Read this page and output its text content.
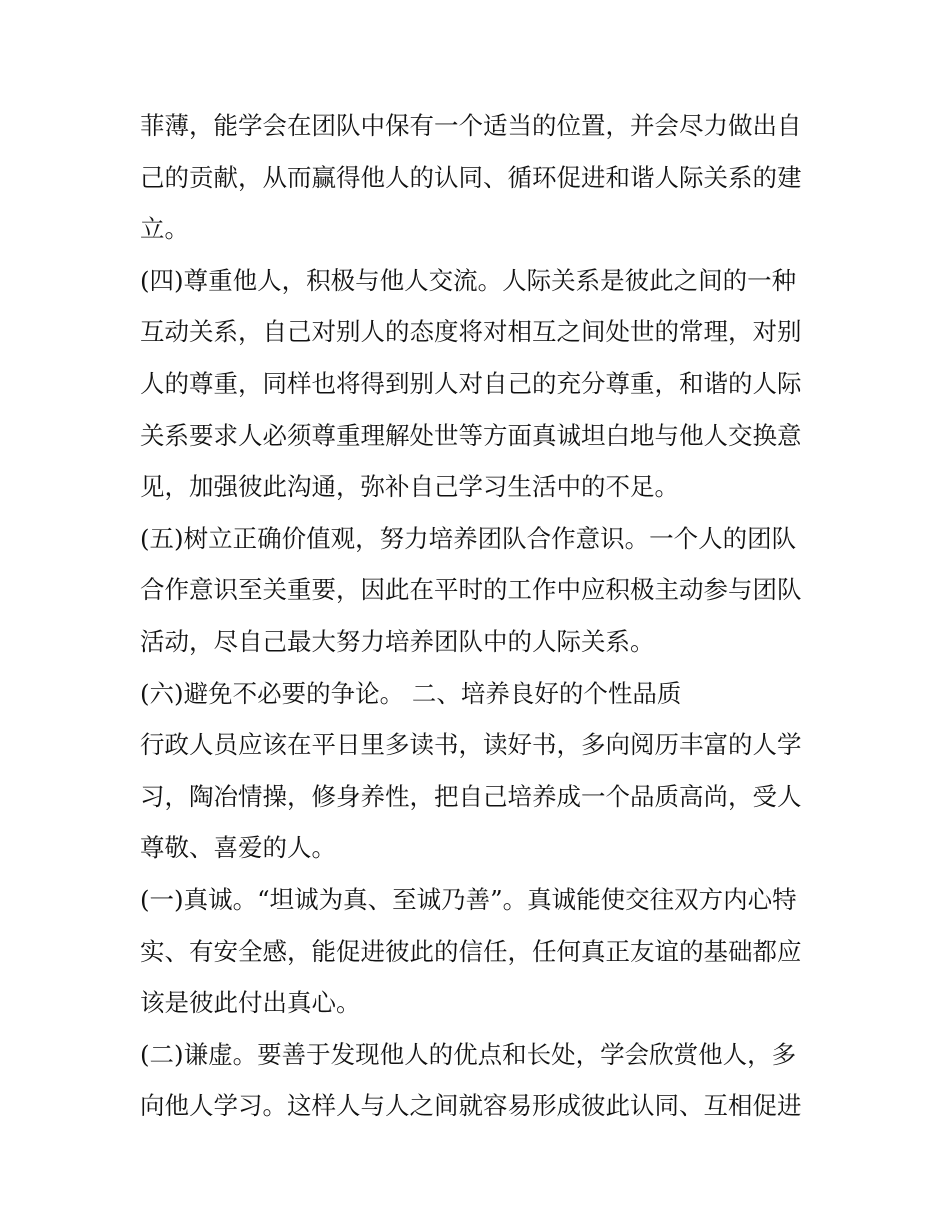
菲薄，能学会在团队中保有一个适当的位置，并会尽力做出自
己的贡献，从而赢得他人的认同、循环促进和谐人际关系的建
立。
(四)尊重他人，积极与他人交流。人际关系是彼此之间的一种
互动关系，自己对别人的态度将对相互之间处世的常理，对别
人的尊重，同样也将得到别人对自己的充分尊重，和谐的人际
关系要求人必须尊重理解处世等方面真诚坦白地与他人交换意
见，加强彼此沟通，弥补自己学习生活中的不足。
(五)树立正确价值观，努力培养团队合作意识。一个人的团队
合作意识至关重要，因此在平时的工作中应积极主动参与团队
活动，尽自己最大努力培养团队中的人际关系。
(六)避免不必要的争论。 二、培养良好的个性品质
行政人员应该在平日里多读书，读好书，多向阅历丰富的人学
习，陶冶情操，修身养性，把自己培养成一个品质高尚，受人
尊敬、喜爱的人。
(一)真诚。“坦诚为真、至诚乃善”。真诚能使交往双方内心特
实、有安全感，能促进彼此的信任，任何真正友谊的基础都应
该是彼此付出真心。
(二)谦虚。要善于发现他人的优点和长处，学会欣赏他人，多
向他人学习。这样人与人之间就容易形成彼此认同、互相促进
